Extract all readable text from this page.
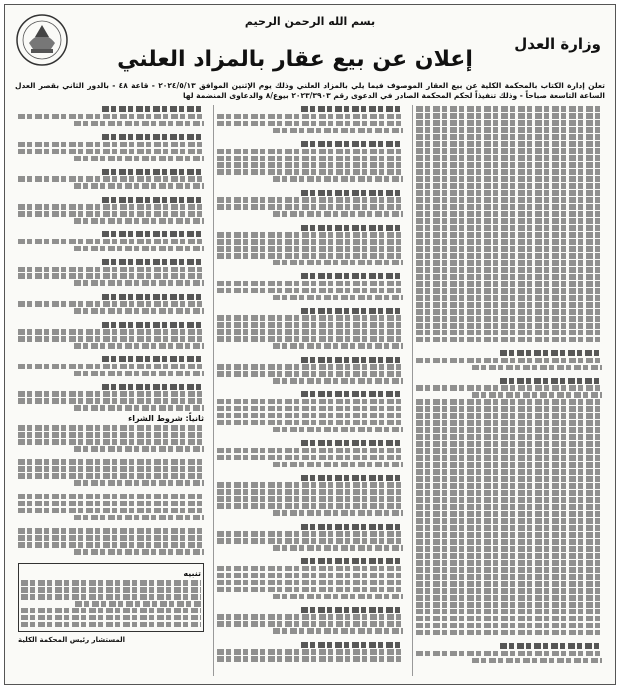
بسم الله الرحمن الرحيم
وزارة العدل
إعلان عن بيع عقار بالمزاد العلني
تعلن إدارة الكتاب بالمحكمة الكلية عن بيع العقار الموصوف فيما يلي بالمزاد العلني وذلك يوم الإثنين الموافق ٢٠٢٤/٥/١٣ - قاعة ٤٨ - بالدور الثاني بقصر العدل الساعة التاسعة صباحاً - وذلك تنفيذاً لحكم المحكمة الصادر في الدعوى رقم ٢٠٢٣/٣٩٠٣ بيوع/٨ والدعاوى المنضمة لها
ثانياً: شروط الشراء
تنبيه
المستشار رئيس المحكمة الكلية
